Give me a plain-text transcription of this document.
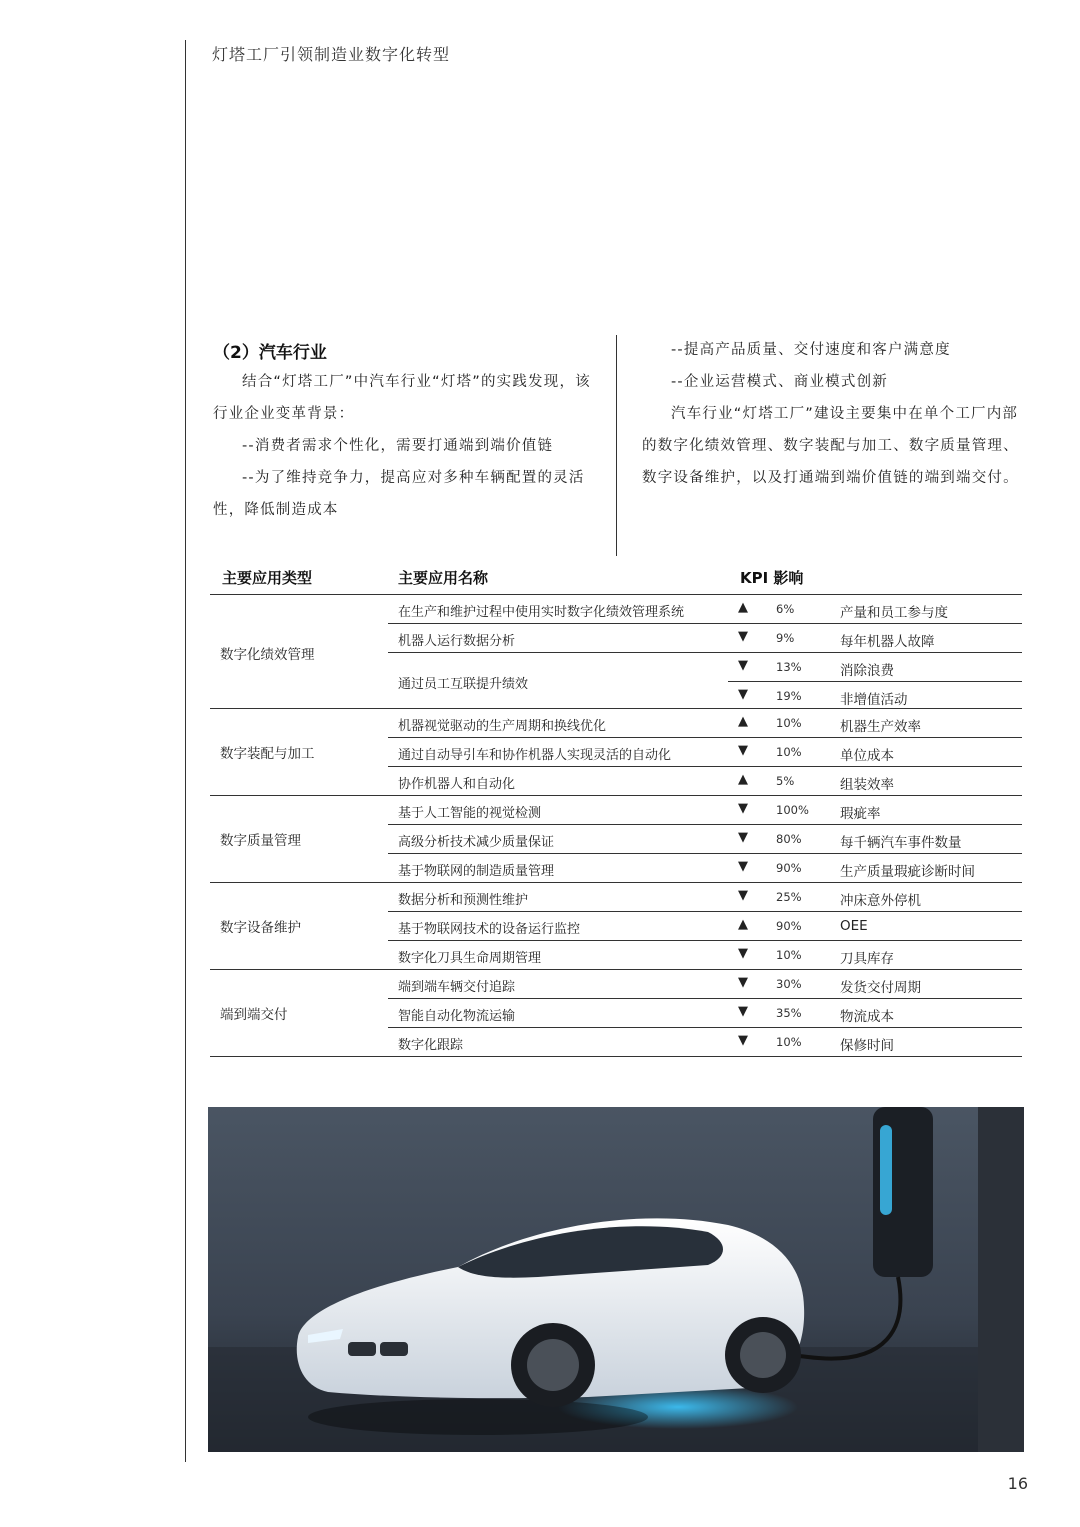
灯塔工厂引领制造业数字化转型
（2）汽车行业

结合“灯塔工厂”中汽车行业“灯塔”的实践发现，该行业企业变革背景：

--消费者需求个性化，需要打通端到端价值链

--为了维持竞争力，提高应对多种车辆配置的灵活性，降低制造成本

--提高产品质量、交付速度和客户满意度

--企业运营模式、商业模式创新

汽车行业“灯塔工厂”建设主要集中在单个工厂内部的数字化绩效管理、数字装配与加工、数字质量管理、数字设备维护，以及打通端到端价值链的端到端交付。

主要应用类型	主要应用名称	KPI 影响
数字化绩效管理
在生产和维护过程中使用实时数字化绩效管理系统	▲ 6%	产量和员工参与度
机器人运行数据分析	▼ 9%	每年机器人故障
通过员工互联提升绩效
▼ 13%	消除浪费
▼ 19%	非增值活动
数字装配与加工
机器视觉驱动的生产周期和换线优化	▲ 10%	机器生产效率
通过自动导引车和协作机器人实现灵活的自动化	▼ 10%	单位成本
协作机器人和自动化	▲ 5%	组装效率
数字质量管理
基于人工智能的视觉检测	▼ 100% 瑕疵率
高级分析技术减少质量保证	▼ 80%	每千辆汽车事件数量
基于物联网的制造质量管理	▼ 90%	生产质量瑕疵诊断时间
数字设备维护
数据分析和预测性维护	▼ 25%	冲床意外停机
基于物联网技术的设备运行监控	▲ 90%	OEE
数字化刀具生命周期管理	▼ 10%	刀具库存
端到端交付
端到端车辆交付追踪	▼ 30%	发货交付周期
智能自动化物流运输	▼ 35%	物流成本
数字化跟踪	▼ 10%	保修时间
16
